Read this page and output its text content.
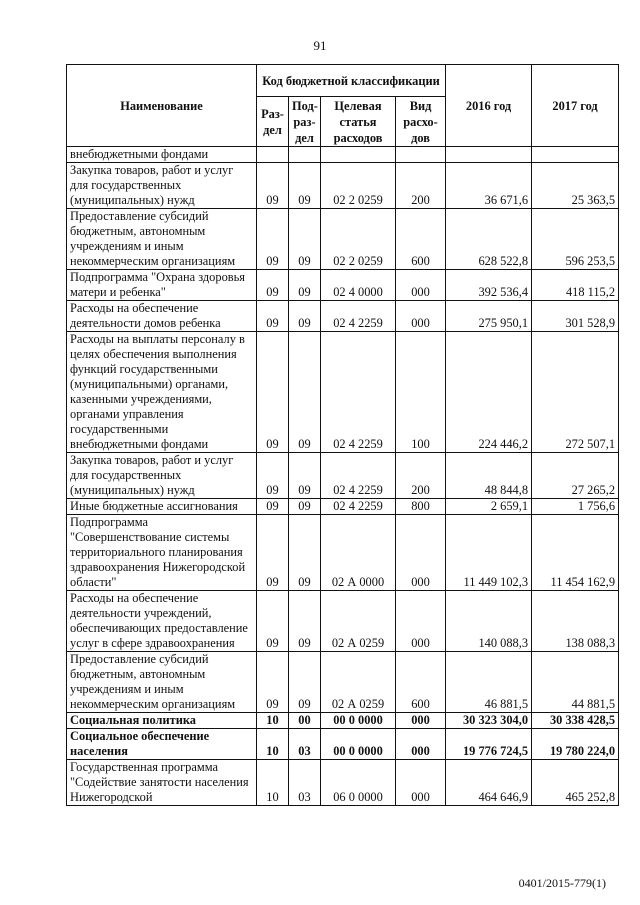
91
Наименование	Код бюджетной классификации				2016 год	2017 год
	Раз-дел	Под-раз-дел	Целевая статья расходов	Вид расхо-дов		
внебюджетными фондами						
Закупка товаров, работ и услуг для государственных (муниципальных) нужд	09	09	02 2 0259	200	36 671,6	25 363,5
Предоставление субсидий бюджетным, автономным учреждениям и иным некоммерческим организациям	09	09	02 2 0259	600	628 522,8	596 253,5
Подпрограмма "Охрана здоровья матери и ребенка"	09	09	02 4 0000	000	392 536,4	418 115,2
Расходы на обеспечение деятельности домов ребенка	09	09	02 4 2259	000	275 950,1	301 528,9
Расходы на выплаты персоналу в целях обеспечения выполнения функций государственными (муниципальными) органами, казенными учреждениями, органами управления государственными внебюджетными фондами	09	09	02 4 2259	100	224 446,2	272 507,1
Закупка товаров, работ и услуг для государственных (муниципальных) нужд	09	09	02 4 2259	200	48 844,8	27 265,2
Иные бюджетные ассигнования	09	09	02 4 2259	800	2 659,1	1 756,6
Подпрограмма "Совершенствование системы территориального планирования здравоохранения Нижегородской области"	09	09	02 А 0000	000	11 449 102,3	11 454 162,9
Расходы на обеспечение деятельности учреждений, обеспечивающих предоставление услуг в сфере здравоохранения	09	09	02 А 0259	000	140 088,3	138 088,3
Предоставление субсидий бюджетным, автономным учреждениям и иным некоммерческим организациям	09	09	02 А 0259	600	46 881,5	44 881,5
Социальная политика	10	00	00 0 0000	000	30 323 304,0	30 338 428,5
Социальное обеспечение населения	10	03	00 0 0000	000	19 776 724,5	19 780 224,0
Государственная программа "Содействие занятости населения Нижегородской	10	03	06 0 0000	000	464 646,9	465 252,8
0401/2015-779(1)
